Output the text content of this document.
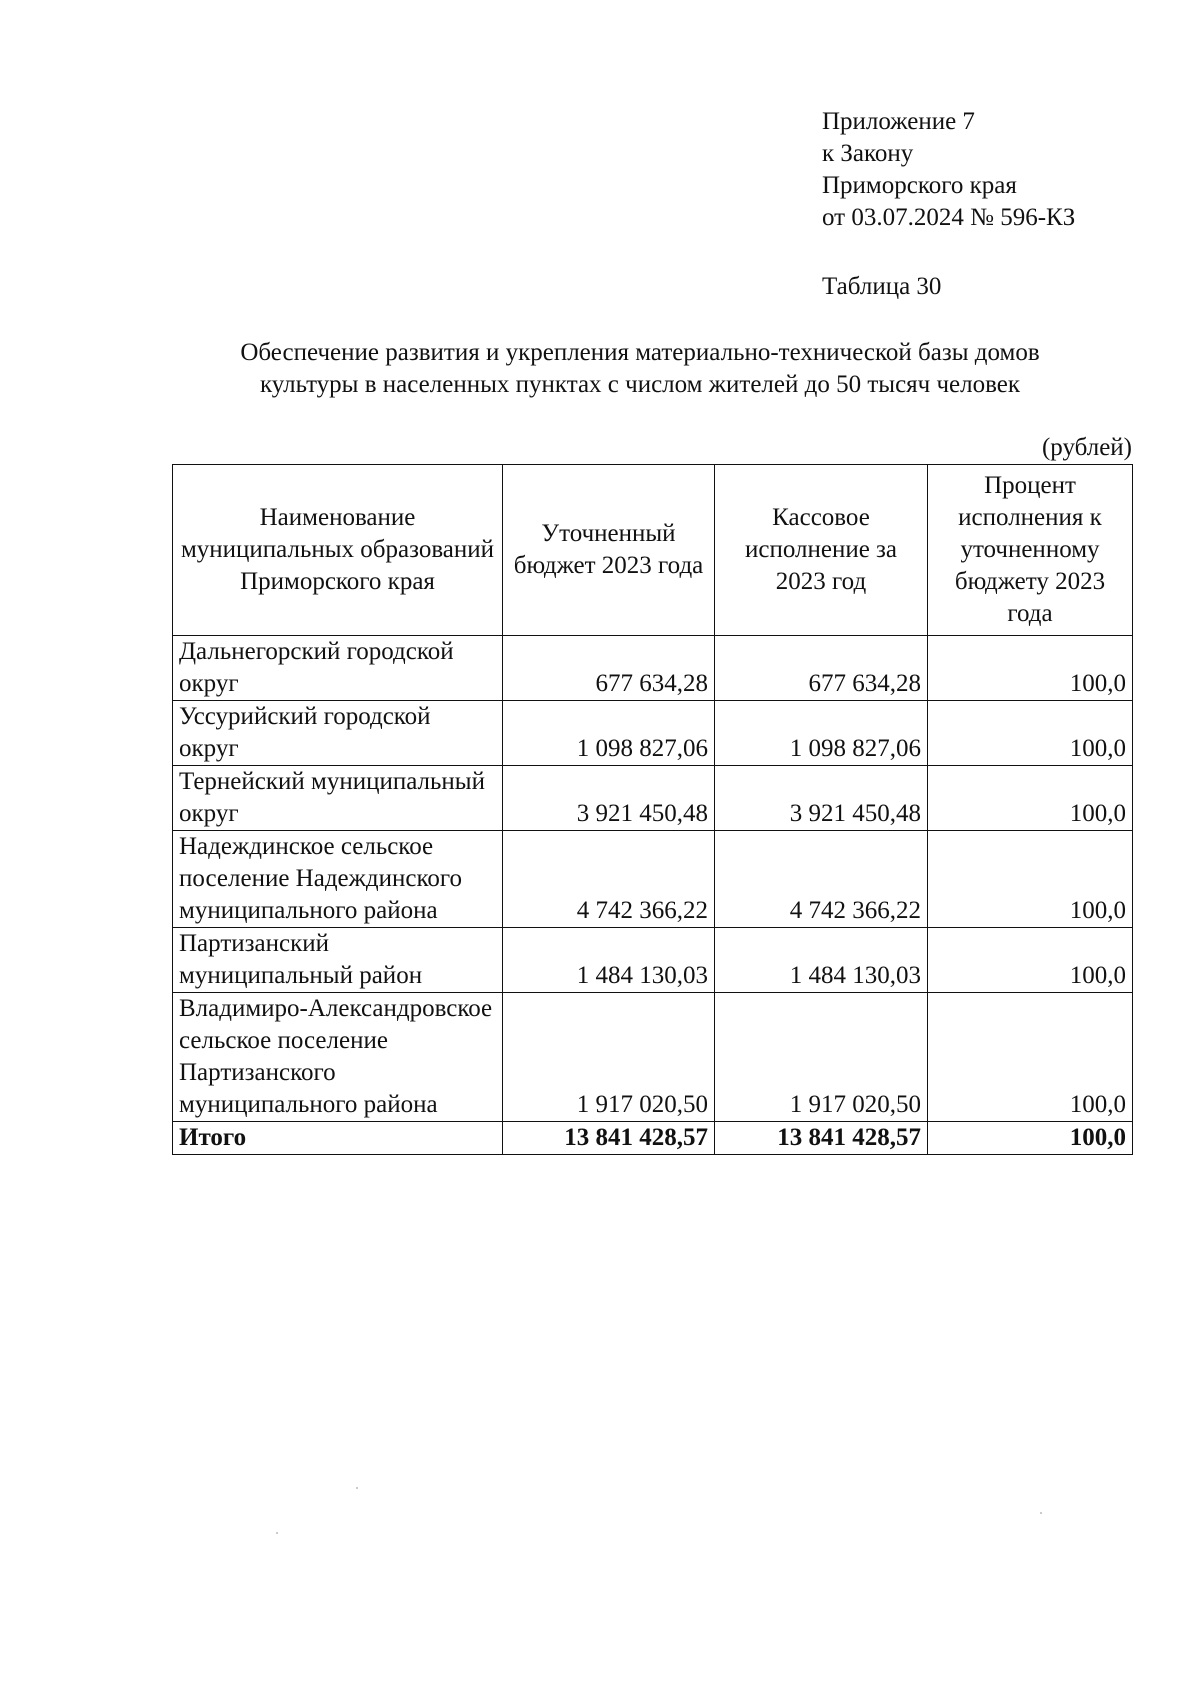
Приложение 7
к Закону
Приморского края
от 03.07.2024 № 596-КЗ
Таблица 30
Обеспечение развития и укрепления материально-технической базы домов
культуры в населенных пунктах с числом жителей до 50 тысяч человек
(рублей)
Наименование муниципальных образований Приморского края	Уточненный бюджет 2023 года	Кассовое исполнение за 2023 год	Процент исполнения к уточненному бюджету 2023 года
Дальнегорский городской округ	677 634,28	677 634,28	100,0
Уссурийский городской округ	1 098 827,06	1 098 827,06	100,0
Тернейский муниципальный округ	3 921 450,48	3 921 450,48	100,0
Надеждинское сельское поселение Надеждинского муниципального района	4 742 366,22	4 742 366,22	100,0
Партизанский муниципальный район	1 484 130,03	1 484 130,03	100,0
Владимиро-Александровское сельское поселение Партизанского муниципального района	1 917 020,50	1 917 020,50	100,0
Итого	13 841 428,57	13 841 428,57	100,0
